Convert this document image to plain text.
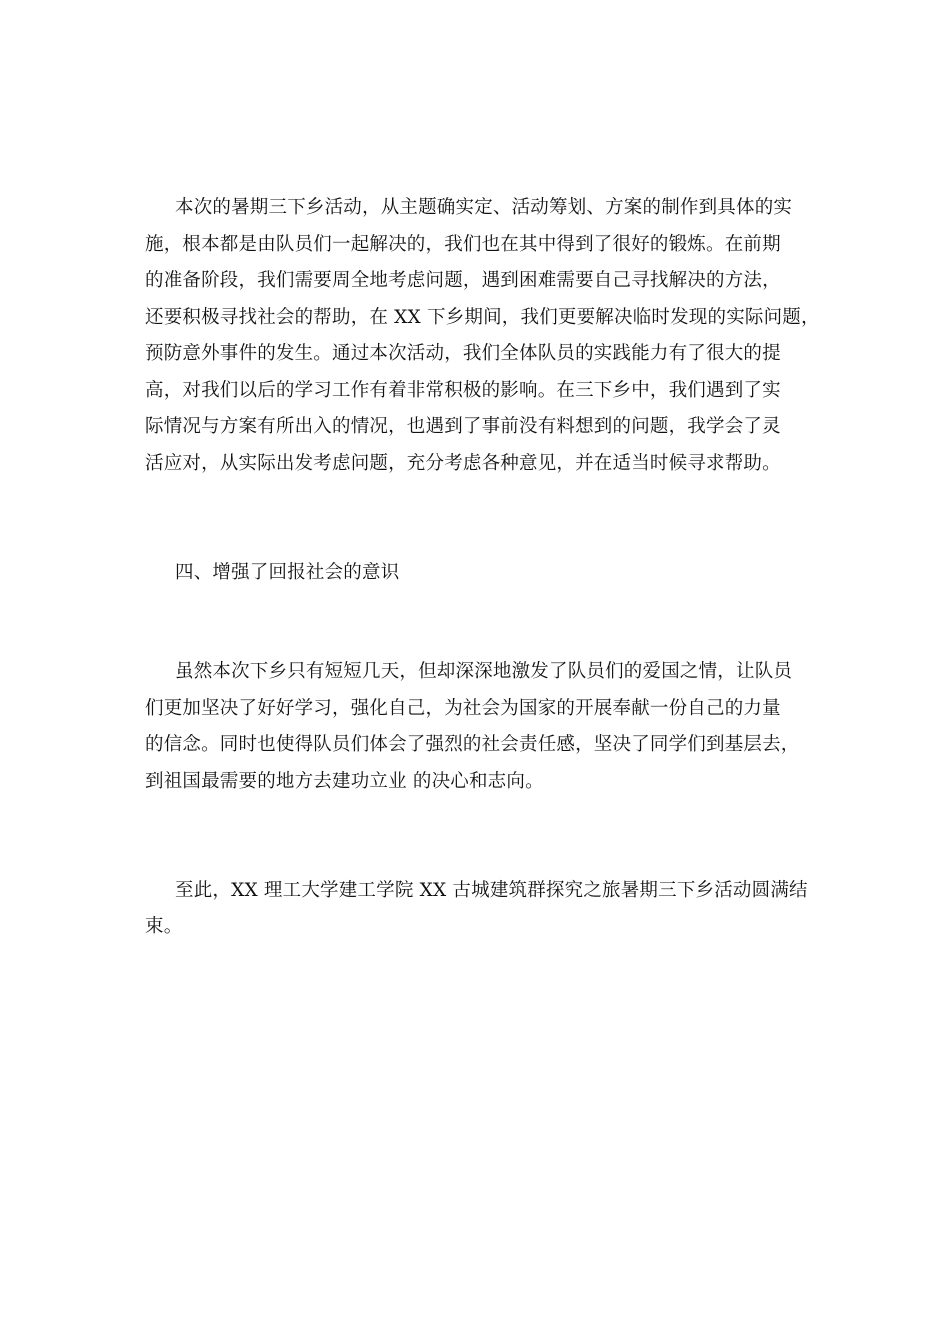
本次的暑期三下乡活动，从主题确实定、活动筹划、方案的制作到具体的实
施，根本都是由队员们一起解决的，我们也在其中得到了很好的锻炼。在前期
的准备阶段，我们需要周全地考虑问题，遇到困难需要自己寻找解决的方法，
还要积极寻找社会的帮助，在 XX 下乡期间，我们更要解决临时发现的实际问题，
预防意外事件的发生。通过本次活动，我们全体队员的实践能力有了很大的提
高，对我们以后的学习工作有着非常积极的影响。在三下乡中，我们遇到了实
际情况与方案有所出入的情况，也遇到了事前没有料想到的问题，我学会了灵
活应对，从实际出发考虑问题，充分考虑各种意见，并在适当时候寻求帮助。
四、增强了回报社会的意识
虽然本次下乡只有短短几天，但却深深地激发了队员们的爱国之情，让队员
们更加坚决了好好学习，强化自己，为社会为国家的开展奉献一份自己的力量
的信念。同时也使得队员们体会了强烈的社会责任感，坚决了同学们到基层去，
到祖国最需要的地方去建功立业 的决心和志向。
至此，XX 理工大学建工学院 XX 古城建筑群探究之旅暑期三下乡活动圆满结
束。
